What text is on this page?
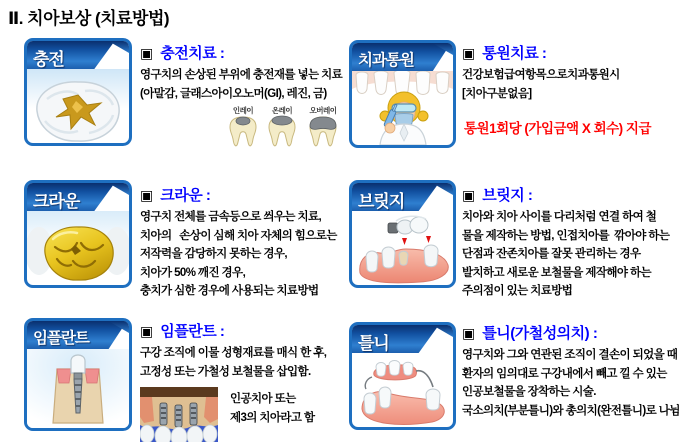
Ⅱ. 치아보상 (치료방법)
충전	▣ 충전치료 :
영구치의 손상된 부위에 충전재를 넣는 치료
(아말감, 글래스아이오노머(GI), 레진, 금)
인레이	온레이 오버레이
치과통원	▣ 통원치료 :
건강보험급여항목으로치과통원시
[치아구분없음]
통원1회당 (가입금액 X 회수) 지급
크라운	▣ 크라운 :
영구치 전체를 금속등으로 씌우는 치료,
치아의   손상이 심해 치아 자체의 힘으로는
저작력을 감당하지 못하는 경우,
치아가 50% 깨진 경우,
충치가 심한 경우에 사용되는 치료방법
브릿지	▣ 브릿지 :
치아와 치아 사이를 다리처럼 연결 하여 철
물을 제작하는 방법, 인접치아를  깎아야 하는
단점과 잔존치아를 잘못 관리하는 경우
발치하고 새로운 보철물을 제작해야 하는
주의점이 있는 치료방법
임플란트	▣ 임플란트 :
구강 조직에 이물 성형재료를 매식 한 후,
고정성 또는 가철성 보철물을 삽입함.
인공치아 또는
제3의 치아라고 함
틀니
▣ 틀니(가철성의치) :
영구치와 그와 연관된 조직이 결손이 되었을 때
환자의 임의대로 구강내에서 빼고 낄 수 있는
인공보철물을 장착하는 시술.
국소의치(부분틀니)와 총의치(완전틀니)로 나뉨
